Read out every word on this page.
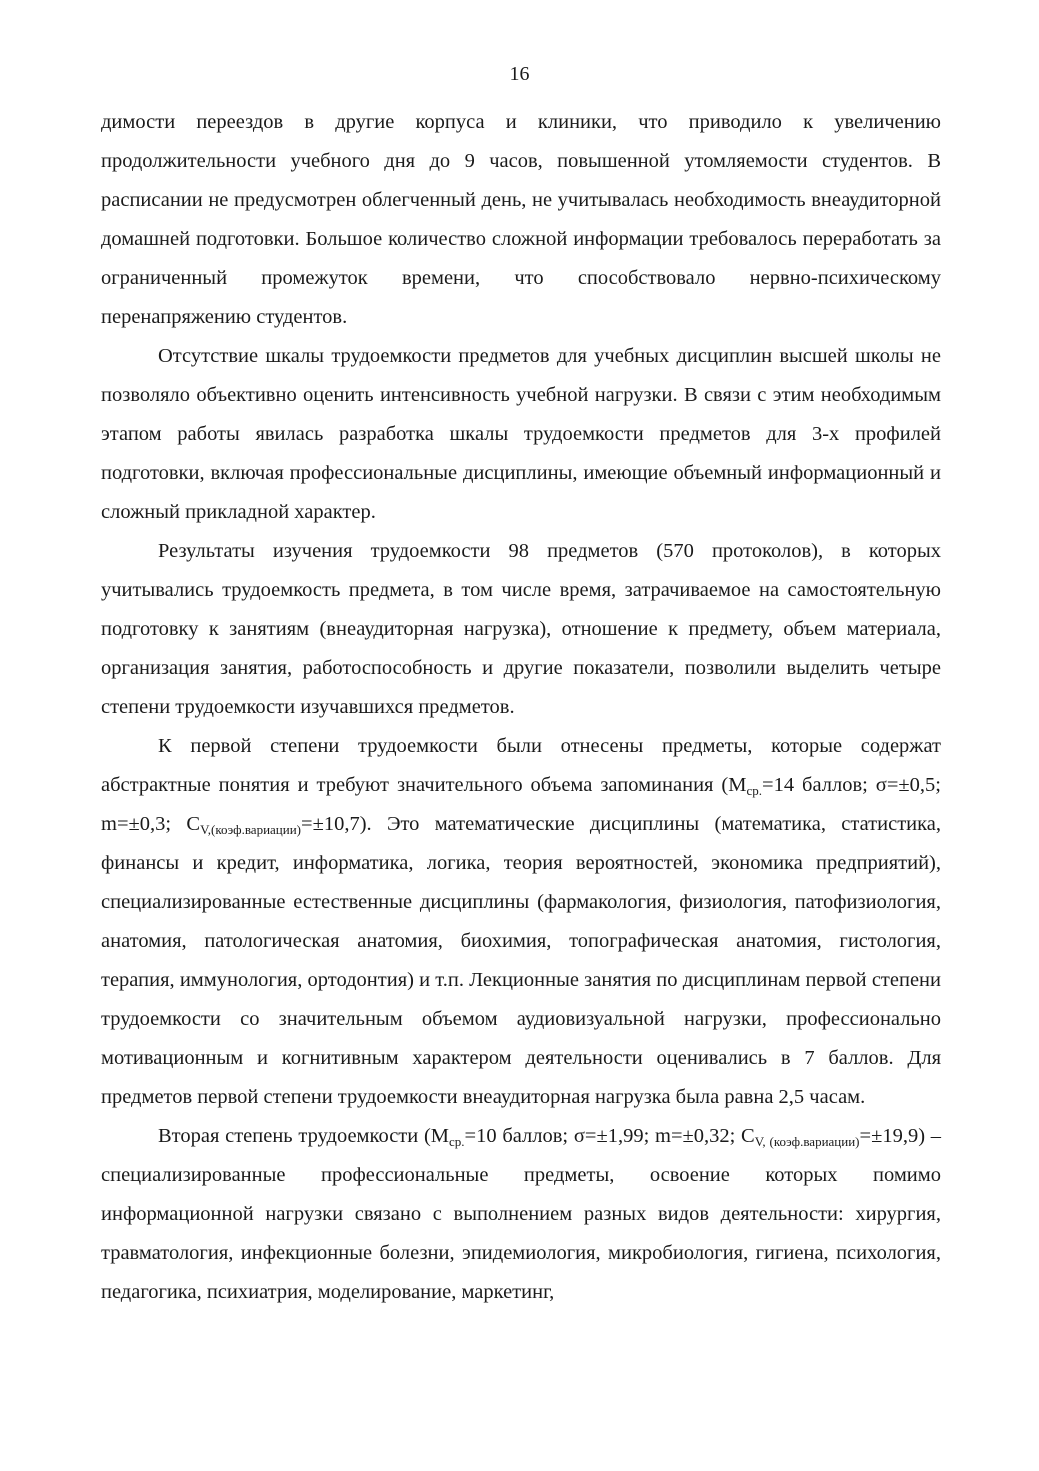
16

димости переездов в другие корпуса и клиники, что приводило к увеличению продолжительности учебного дня до 9 часов, повышенной утомляемости студентов. В расписании не предусмотрен облегченный день, не учитывалась необходимость внеаудиторной домашней подготовки. Большое количество сложной информации требовалось переработать за ограниченный промежуток времени, что способствовало нервно-психическому перенапряжению студентов.

Отсутствие шкалы трудоемкости предметов для учебных дисциплин высшей школы не позволяло объективно оценить интенсивность учебной нагрузки. В связи с этим необходимым этапом работы явилась разработка шкалы трудоемкости предметов для 3-х профилей подготовки, включая профессиональные дисциплины, имеющие объемный информационный и сложный прикладной характер.

Результаты изучения трудоемкости 98 предметов (570 протоколов), в которых учитывались трудоемкость предмета, в том числе время, затрачиваемое на самостоятельную подготовку к занятиям (внеаудиторная нагрузка), отношение к предмету, объем материала, организация занятия, работоспособность и другие показатели, позволили выделить четыре степени трудоемкости изучавшихся предметов.

К первой степени трудоемкости были отнесены предметы, которые содержат абстрактные понятия и требуют значительного объема запоминания ($M_{ср.}=14$ баллов; σ=±0,5; m=±0,3; $C_{V,(коэф.вариации)}=\pm 10,7$). Это математические дисциплины (математика, статистика, финансы и кредит, информатика, логика, теория вероятностей, экономика предприятий), специализированные естественные дисциплины (фармакология, физиология, патофизиология, анатомия, патологическая анатомия, биохимия, топографическая анатомия, гистология, терапия, иммунология, ортодонтия) и т.п. Лекционные занятия по дисциплинам первой степени трудоемкости со значительным объемом аудиовизуальной нагрузки, профессионально мотивационным и когнитивным характером деятельности оценивались в 7 баллов. Для предметов первой степени трудоемкости внеаудиторная нагрузка была равна 2,5 часам.

Вторая степень трудоемкости ($M_{ср.}=10$ баллов; σ=±1,99; m=±0,32; $C_{V, (коэф.вариации)}=\pm 19,9$) – специализированные профессиональные предметы, освоение которых помимо информационной нагрузки связано с выполнением разных видов деятельности: хирургия, травматология, инфекционные болезни, эпидемиология, микробиология, гигиена, психология, педагогика, психиатрия, моделирование, маркетинг,
